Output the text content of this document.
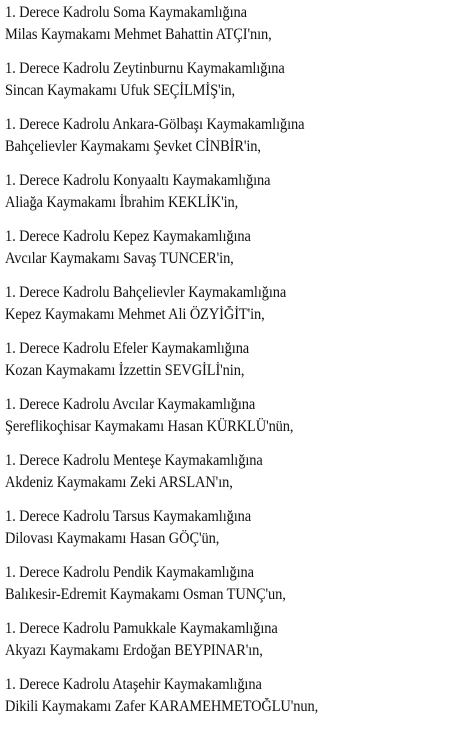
1. Derece Kadrolu Soma Kaymakamlığına
Milas Kaymakamı Mehmet Bahattin ATÇI'nın,
1. Derece Kadrolu Zeytinburnu Kaymakamlığına
Sincan Kaymakamı Ufuk SEÇİLMİŞ'in,
1. Derece Kadrolu Ankara-Gölbaşı Kaymakamlığına
Bahçelievler Kaymakamı Şevket CİNBİR'in,
1. Derece Kadrolu Konyaaltı Kaymakamlığına
Aliağa Kaymakamı İbrahim KEKLİK'in,
1. Derece Kadrolu Kepez Kaymakamlığına
Avcılar Kaymakamı Savaş TUNCER'in,
1. Derece Kadrolu Bahçelievler Kaymakamlığına
Kepez Kaymakamı Mehmet Ali ÖZYİĞİT'in,
1. Derece Kadrolu Efeler Kaymakamlığına
Kozan Kaymakamı İzzettin SEVGİLİ'nin,
1. Derece Kadrolu Avcılar Kaymakamlığına
Şereflikoçhisar Kaymakamı Hasan KÜRKLÜ'nün,
1. Derece Kadrolu Menteşe Kaymakamlığına
Akdeniz Kaymakamı Zeki ARSLAN'ın,
1. Derece Kadrolu Tarsus Kaymakamlığına
Dilovası Kaymakamı Hasan GÖÇ'ün,
1. Derece Kadrolu Pendik Kaymakamlığına
Balıkesir-Edremit Kaymakamı Osman TUNÇ'un,
1. Derece Kadrolu Pamukkale Kaymakamlığına
Akyazı Kaymakamı Erdoğan BEYPINAR'ın,
1. Derece Kadrolu Ataşehir Kaymakamlığına
Dikili Kaymakamı Zafer KARAMEHMETOĞLU'nun,
